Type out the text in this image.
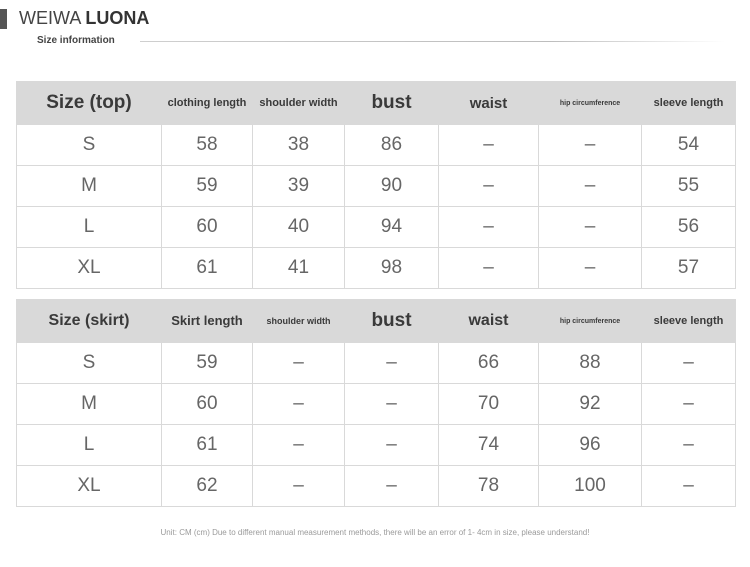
WEIWA LUONA
Size information
Size (top)	clothing length	shoulder width	bust	waist	hip circumference	sleeve length
S	58	38	86	–	–	54
M	59	39	90	–	–	55
L	60	40	94	–	–	56
XL	61	41	98	–	–	57
Size (skirt)	Skirt length	shoulder width	bust	waist	hip circumference	sleeve length
S	59	–	–	66	88	–
M	60	–	–	70	92	–
L	61	–	–	74	96	–
XL	62	–	–	78	100	–
Unit: CM (cm) Due to different manual measurement methods, there will be an error of 1- 4cm in size, please understand!
